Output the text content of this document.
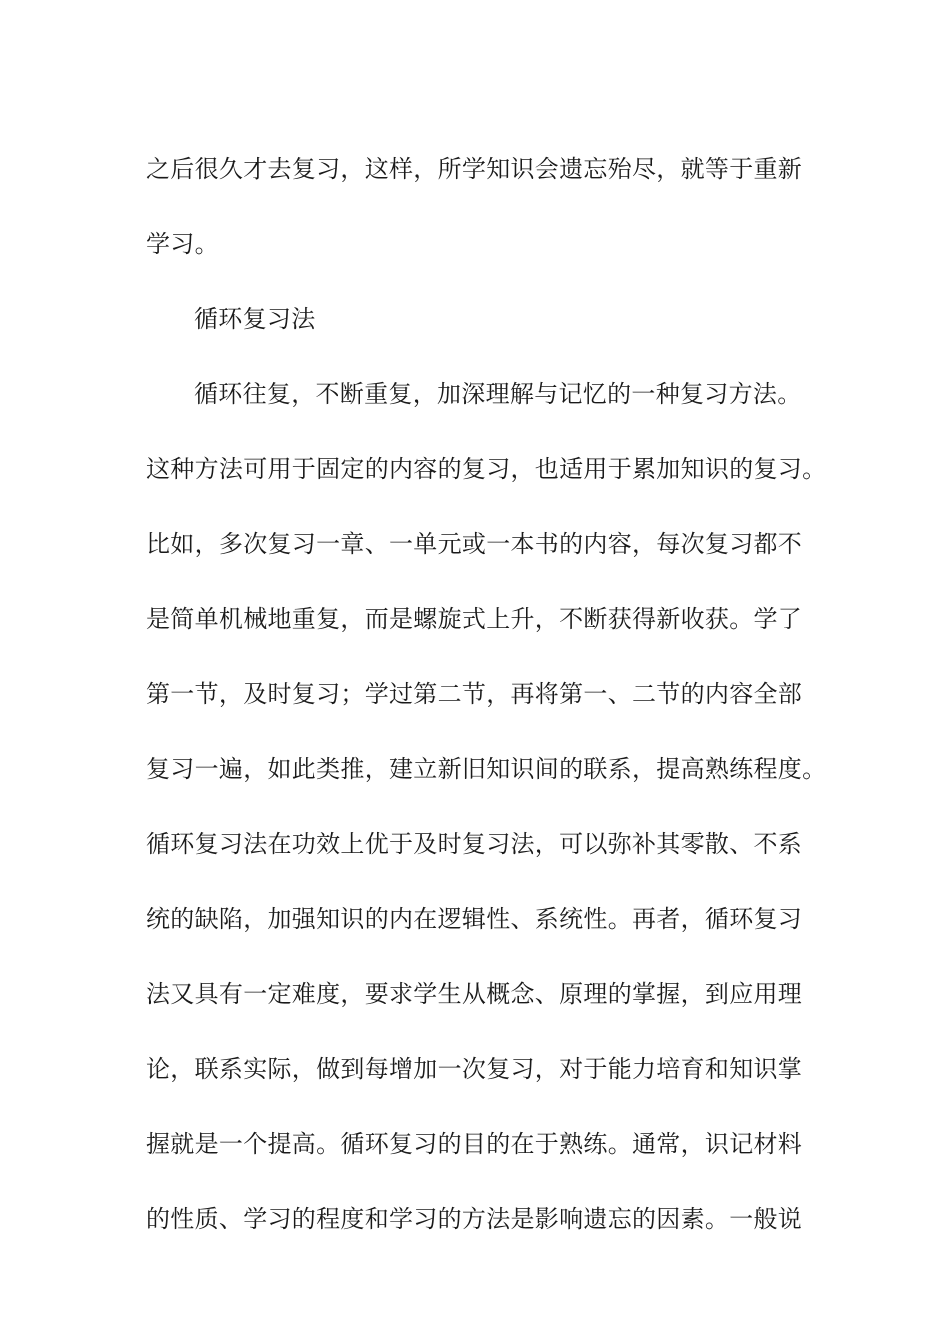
之后很久才去复习，这样，所学知识会遗忘殆尽，就等于重新
学习。
循环复习法
循环往复，不断重复，加深理解与记忆的一种复习方法。
这种方法可用于固定的内容的复习，也适用于累加知识的复习。
比如，多次复习一章、一单元或一本书的内容，每次复习都不
是简单机械地重复，而是螺旋式上升，不断获得新收获。学了
第一节，及时复习；学过第二节，再将第一、二节的内容全部
复习一遍，如此类推，建立新旧知识间的联系，提高熟练程度。
循环复习法在功效上优于及时复习法，可以弥补其零散、不系
统的缺陷，加强知识的内在逻辑性、系统性。再者，循环复习
法又具有一定难度，要求学生从概念、原理的掌握，到应用理
论，联系实际，做到每增加一次复习，对于能力培育和知识掌
握就是一个提高。循环复习的目的在于熟练。通常，识记材料
的性质、学习的程度和学习的方法是影响遗忘的因素。一般说
